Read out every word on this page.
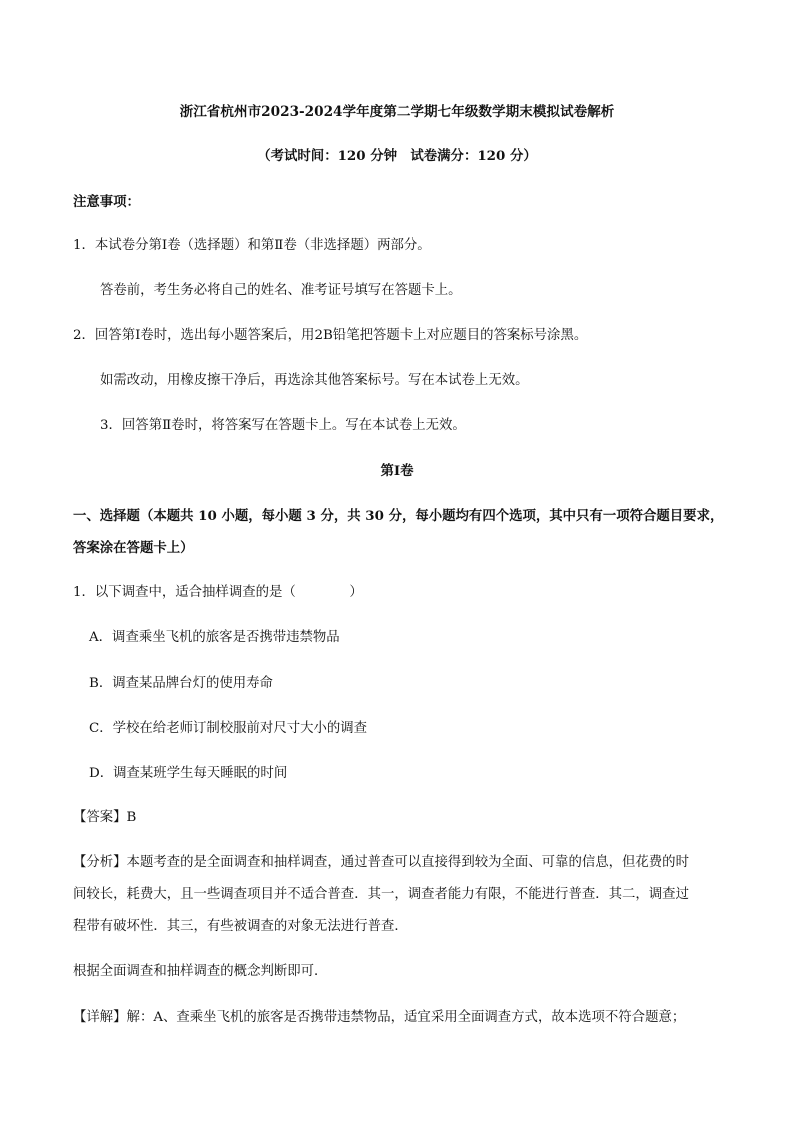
浙江省杭州市2023-2024学年度第二学期七年级数学期末模拟试卷解析
（考试时间：120 分钟　试卷满分：120 分）
注意事项：
1．本试卷分第Ⅰ卷（选择题）和第Ⅱ卷（非选择题）两部分。
答卷前，考生务必将自己的姓名、准考证号填写在答题卡上。
2．回答第Ⅰ卷时，选出每小题答案后，用2B铅笔把答题卡上对应题目的答案标号涂黑。
如需改动，用橡皮擦干净后，再选涂其他答案标号。写在本试卷上无效。
3．回答第Ⅱ卷时，将答案写在答题卡上。写在本试卷上无效。
第Ⅰ卷
一、选择题（本题共 10 小题，每小题 3 分，共 30 分，每小题均有四个选项，其中只有一项符合题目要求，
答案涂在答题卡上）
1．以下调查中，适合抽样调查的是（　　　　）
A．调查乘坐飞机的旅客是否携带违禁物品
B．调查某品牌台灯的使用寿命
C．学校在给老师订制校服前对尺寸大小的调查
D．调查某班学生每天睡眠的时间
【答案】B
【分析】本题考查的是全面调查和抽样调查，通过普查可以直接得到较为全面、可靠的信息，但花费的时
间较长，耗费大，且一些调查项目并不适合普查．其一，调查者能力有限，不能进行普查．其二，调查过
程带有破坏性．其三，有些被调查的对象无法进行普查．
根据全面调查和抽样调查的概念判断即可．
【详解】解：A、查乘坐飞机的旅客是否携带违禁物品，适宜采用全面调查方式，故本选项不符合题意；
